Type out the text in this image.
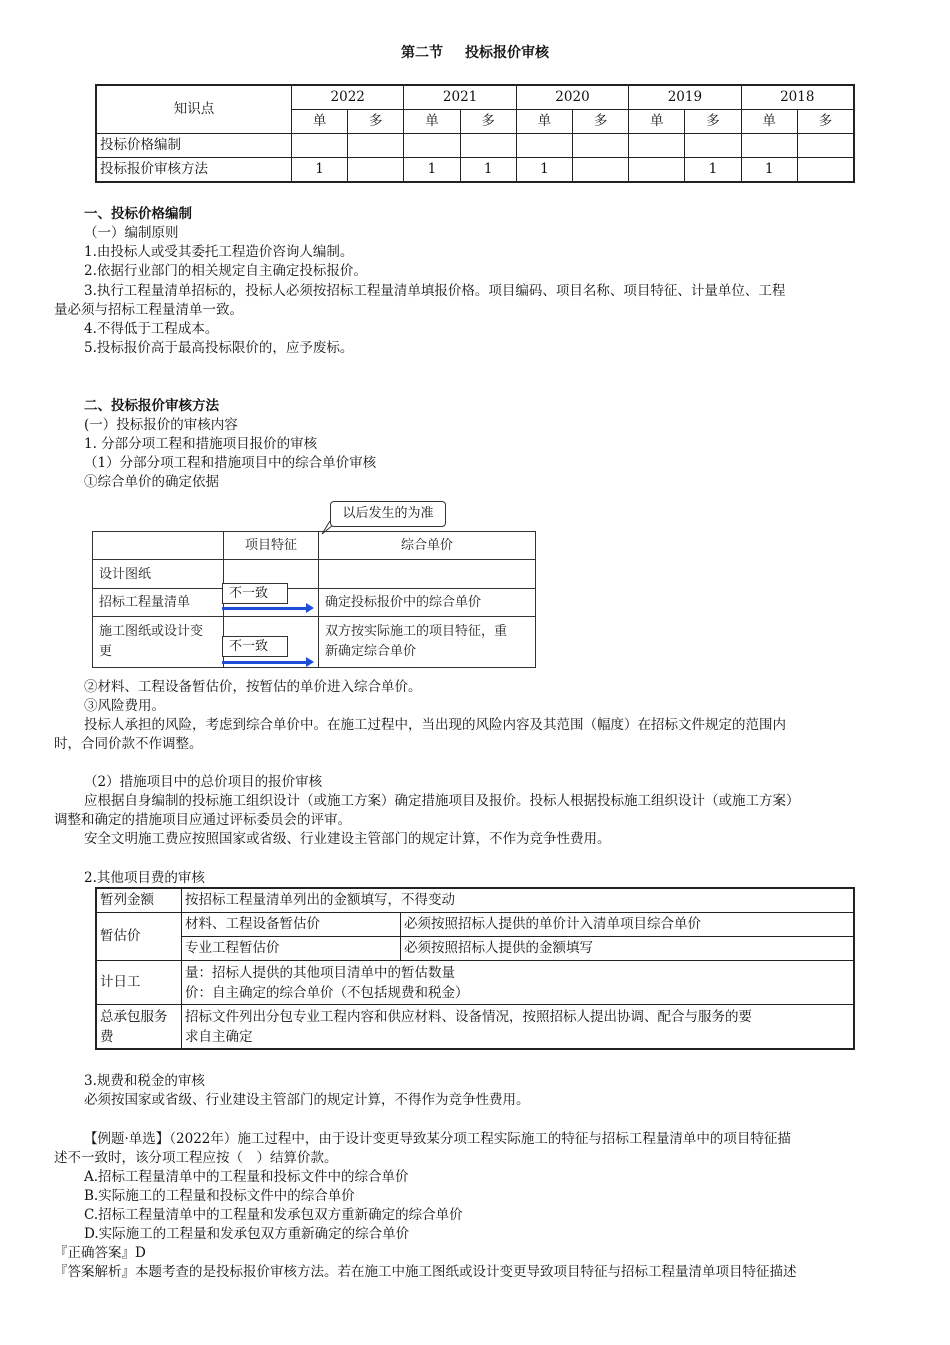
第二节 投标报价审核
知识点	2022		2021		2020		2019		2018	
	单	多	单	多	单	多	单	多	单	多
投标价格编制										
投标报价审核方法	1		1	1	1			1	1	
一、投标价格编制
（一）编制原则
1.由投标人或受其委托工程造价咨询人编制。
2.依据行业部门的相关规定自主确定投标报价。
3.执行工程量清单招标的，投标人必须按招标工程量清单填报价格。项目编码、项目名称、项目特征、计量单位、工程
量必须与招标工程量清单一致。
4.不得低于工程成本。
5.投标报价高于最高投标限价的，应予废标。
二、投标报价审核方法
(一）投标报价的审核内容
1. 分部分项工程和措施项目报价的审核
（1）分部分项工程和措施项目中的综合单价审核
①综合单价的确定依据
以后发生的为准
	项目特征	综合单价
设计图纸		
招标工程量清单		确定投标报价中的综合单价
施工图纸或设计变
更		双方按实际施工的项目特征，重
新确定综合单价
不一致
不一致
②材料、工程设备暂估价，按暂估的单价进入综合单价。
③风险费用。
投标人承担的风险，考虑到综合单价中。在施工过程中，当出现的风险内容及其范围（幅度）在招标文件规定的范围内
时，合同价款不作调整。
（2）措施项目中的总价项目的报价审核
应根据自身编制的投标施工组织设计（或施工方案）确定措施项目及报价。投标人根据投标施工组织设计（或施工方案）
调整和确定的措施项目应通过评标委员会的评审。
安全文明施工费应按照国家或省级、行业建设主管部门的规定计算，不作为竞争性费用。
2.其他项目费的审核
暂列金额	按招标工程量清单列出的金额填写，不得变动	
暂估价	材料、工程设备暂估价	必须按照招标人提供的单价计入清单项目综合单价
	专业工程暂估价	必须按照招标人提供的金额填写
计日工	量：招标人提供的其他项目清单中的暂估数量
价：自主确定的综合单价（不包括规费和税金）	
总承包服务
费	招标文件列出分包专业工程内容和供应材料、设备情况，按照招标人提出协调、配合与服务的要
求自主确定	
3.规费和税金的审核
必须按国家或省级、行业建设主管部门的规定计算，不得作为竞争性费用。
【例题·单选】（2022年）施工过程中，由于设计变更导致某分项工程实际施工的特征与招标工程量清单中的项目特征描
述不一致时，该分项工程应按（　）结算价款。
A.招标工程量清单中的工程量和投标文件中的综合单价
B.实际施工的工程量和投标文件中的综合单价
C.招标工程量清单中的工程量和发承包双方重新确定的综合单价
D.实际施工的工程量和发承包双方重新确定的综合单价
『正确答案』D
『答案解析』本题考查的是投标报价审核方法。若在施工中施工图纸或设计变更导致项目特征与招标工程量清单项目特征描述
